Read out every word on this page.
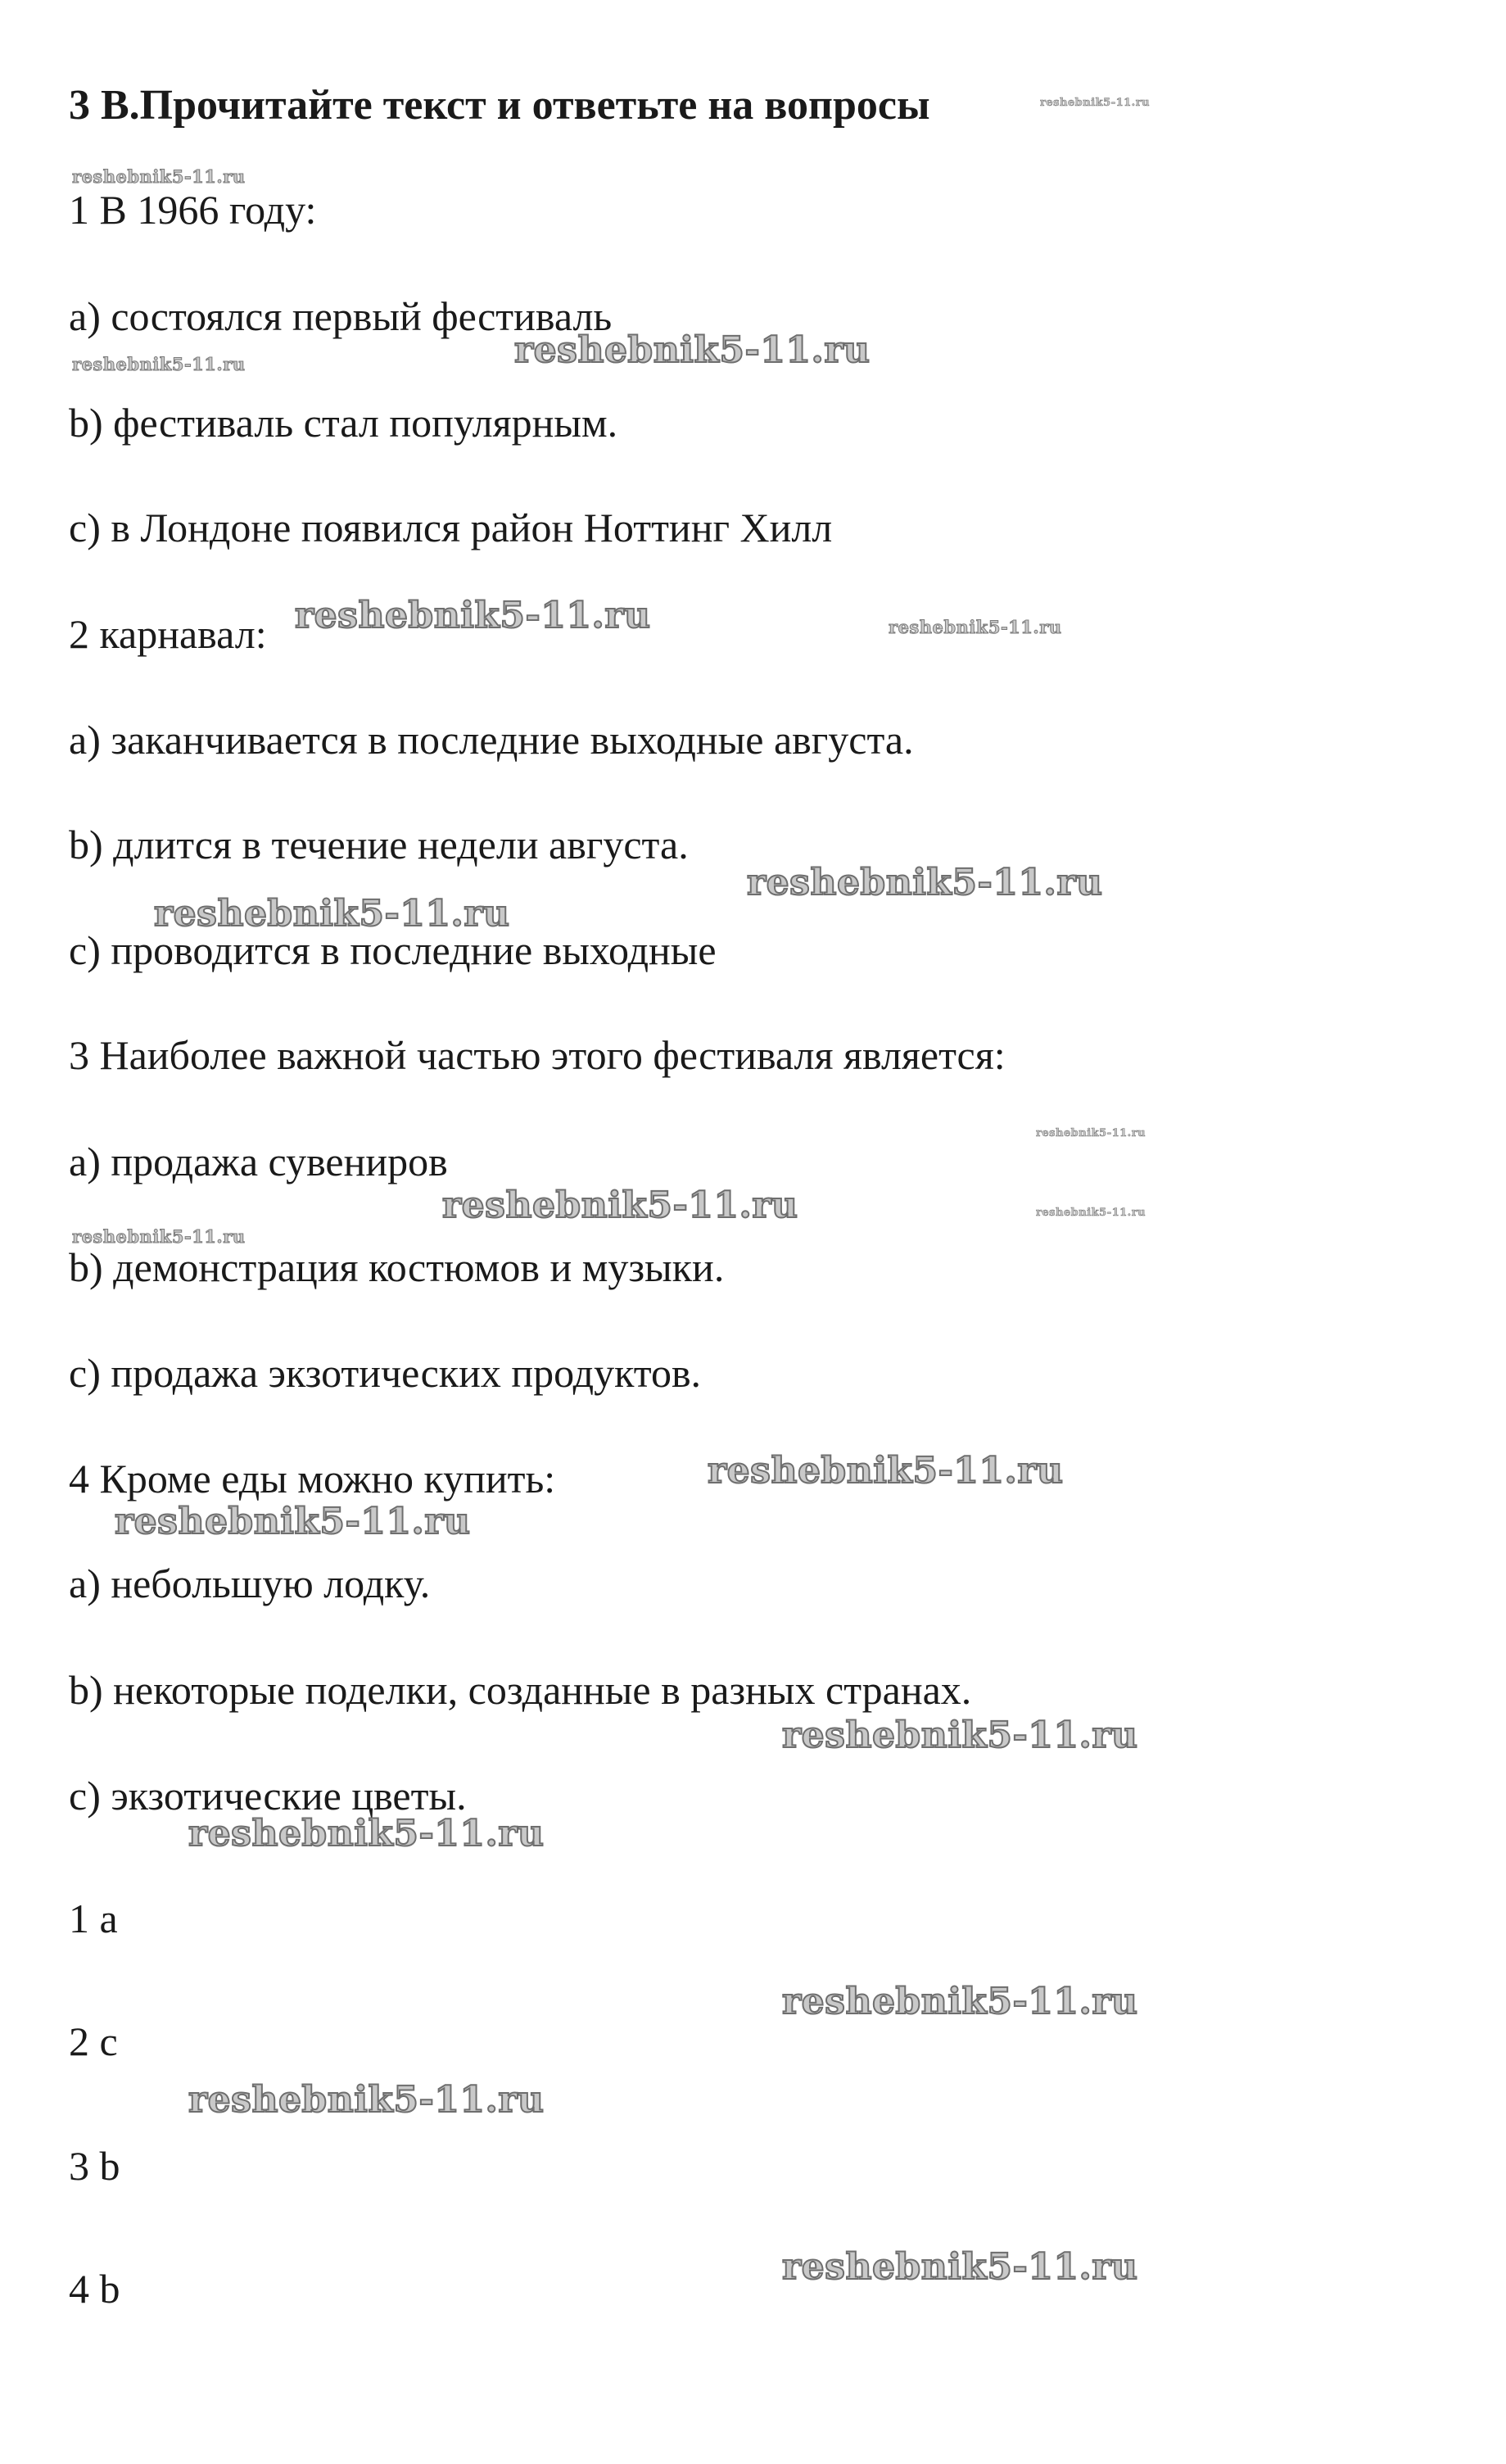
3 В.Прочитайте текст и ответьте на вопросы
1 В 1966 году:
a) состоялся первый фестиваль
b) фестиваль стал популярным.
c) в Лондоне появился район Ноттинг Хилл
2 карнавал:
a) заканчивается в последние выходные августа.
b) длится в течение недели августа.
c) проводится в последние выходные
3 Наиболее важной частью этого фестиваля является:
a) продажа сувениров
b) демонстрация костюмов и музыки.
c) продажа экзотических продуктов.
4 Кроме еды можно купить:
a) небольшую лодку.
b) некоторые поделки, созданные в разных странах.
c) экзотические цветы.
1 a
2 c
3 b
4 b
reshebnik5-11.ru
reshebnik5-11.ru
reshebnik5-11.ru	reshebnik5-11.ru
reshebnik5-11.ru	reshebnik5-11.ru
reshebnik5-11.ru
reshebnik5-11.ru
reshebnik5-11.ru
reshebnik5-11.ru	reshebnik5-11.ru
reshebnik5-11.ru
reshebnik5-11.ru
reshebnik5-11.ru
reshebnik5-11.ru
reshebnik5-11.ru
reshebnik5-11.ru
reshebnik5-11.ru
reshebnik5-11.ru
